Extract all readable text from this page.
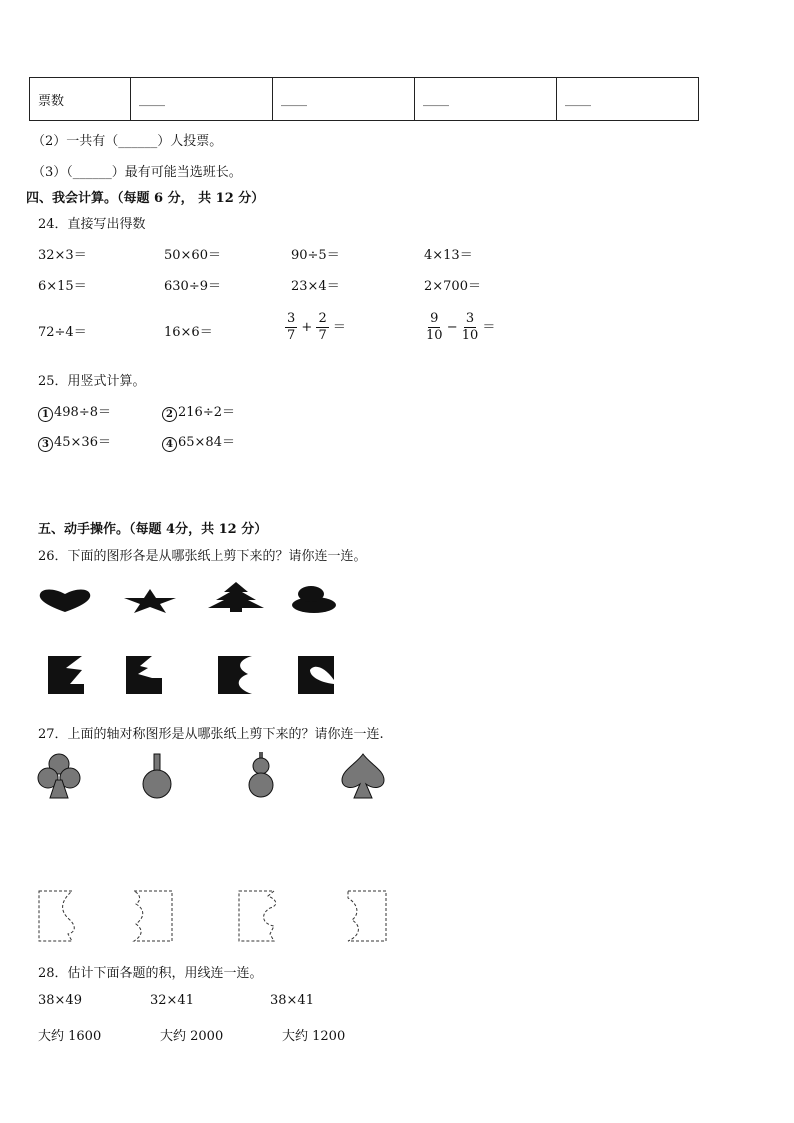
票数	____	____	____	____
（2）一共有（______）人投票。
（3）（______）最有可能当选班长。
四、我会计算。（每题 6 分， 共 12 分）
24．直接写出得数
32×3＝	50×60＝	90÷5＝	4×13＝
6×15＝	630÷9＝	23×4＝	2×700＝
72÷4＝	16×6＝	$\frac{3}{7} + \frac{2}{7}$ ＝	$\frac{9}{10} - \frac{3}{10}$ ＝
25．用竖式计算。
1 498÷8＝	2 216÷2＝
3 45×36＝	4 65×84＝
五、动手操作。（每题 4分，共 12 分）
26．下面的图形各是从哪张纸上剪下来的？请你连一连。
27．上面的轴对称图形是从哪张纸上剪下来的？请你连一连.
28．估计下面各题的积，用线连一连。
38×49	32×41	38×41
大约 1600	大约 2000	大约 1200
